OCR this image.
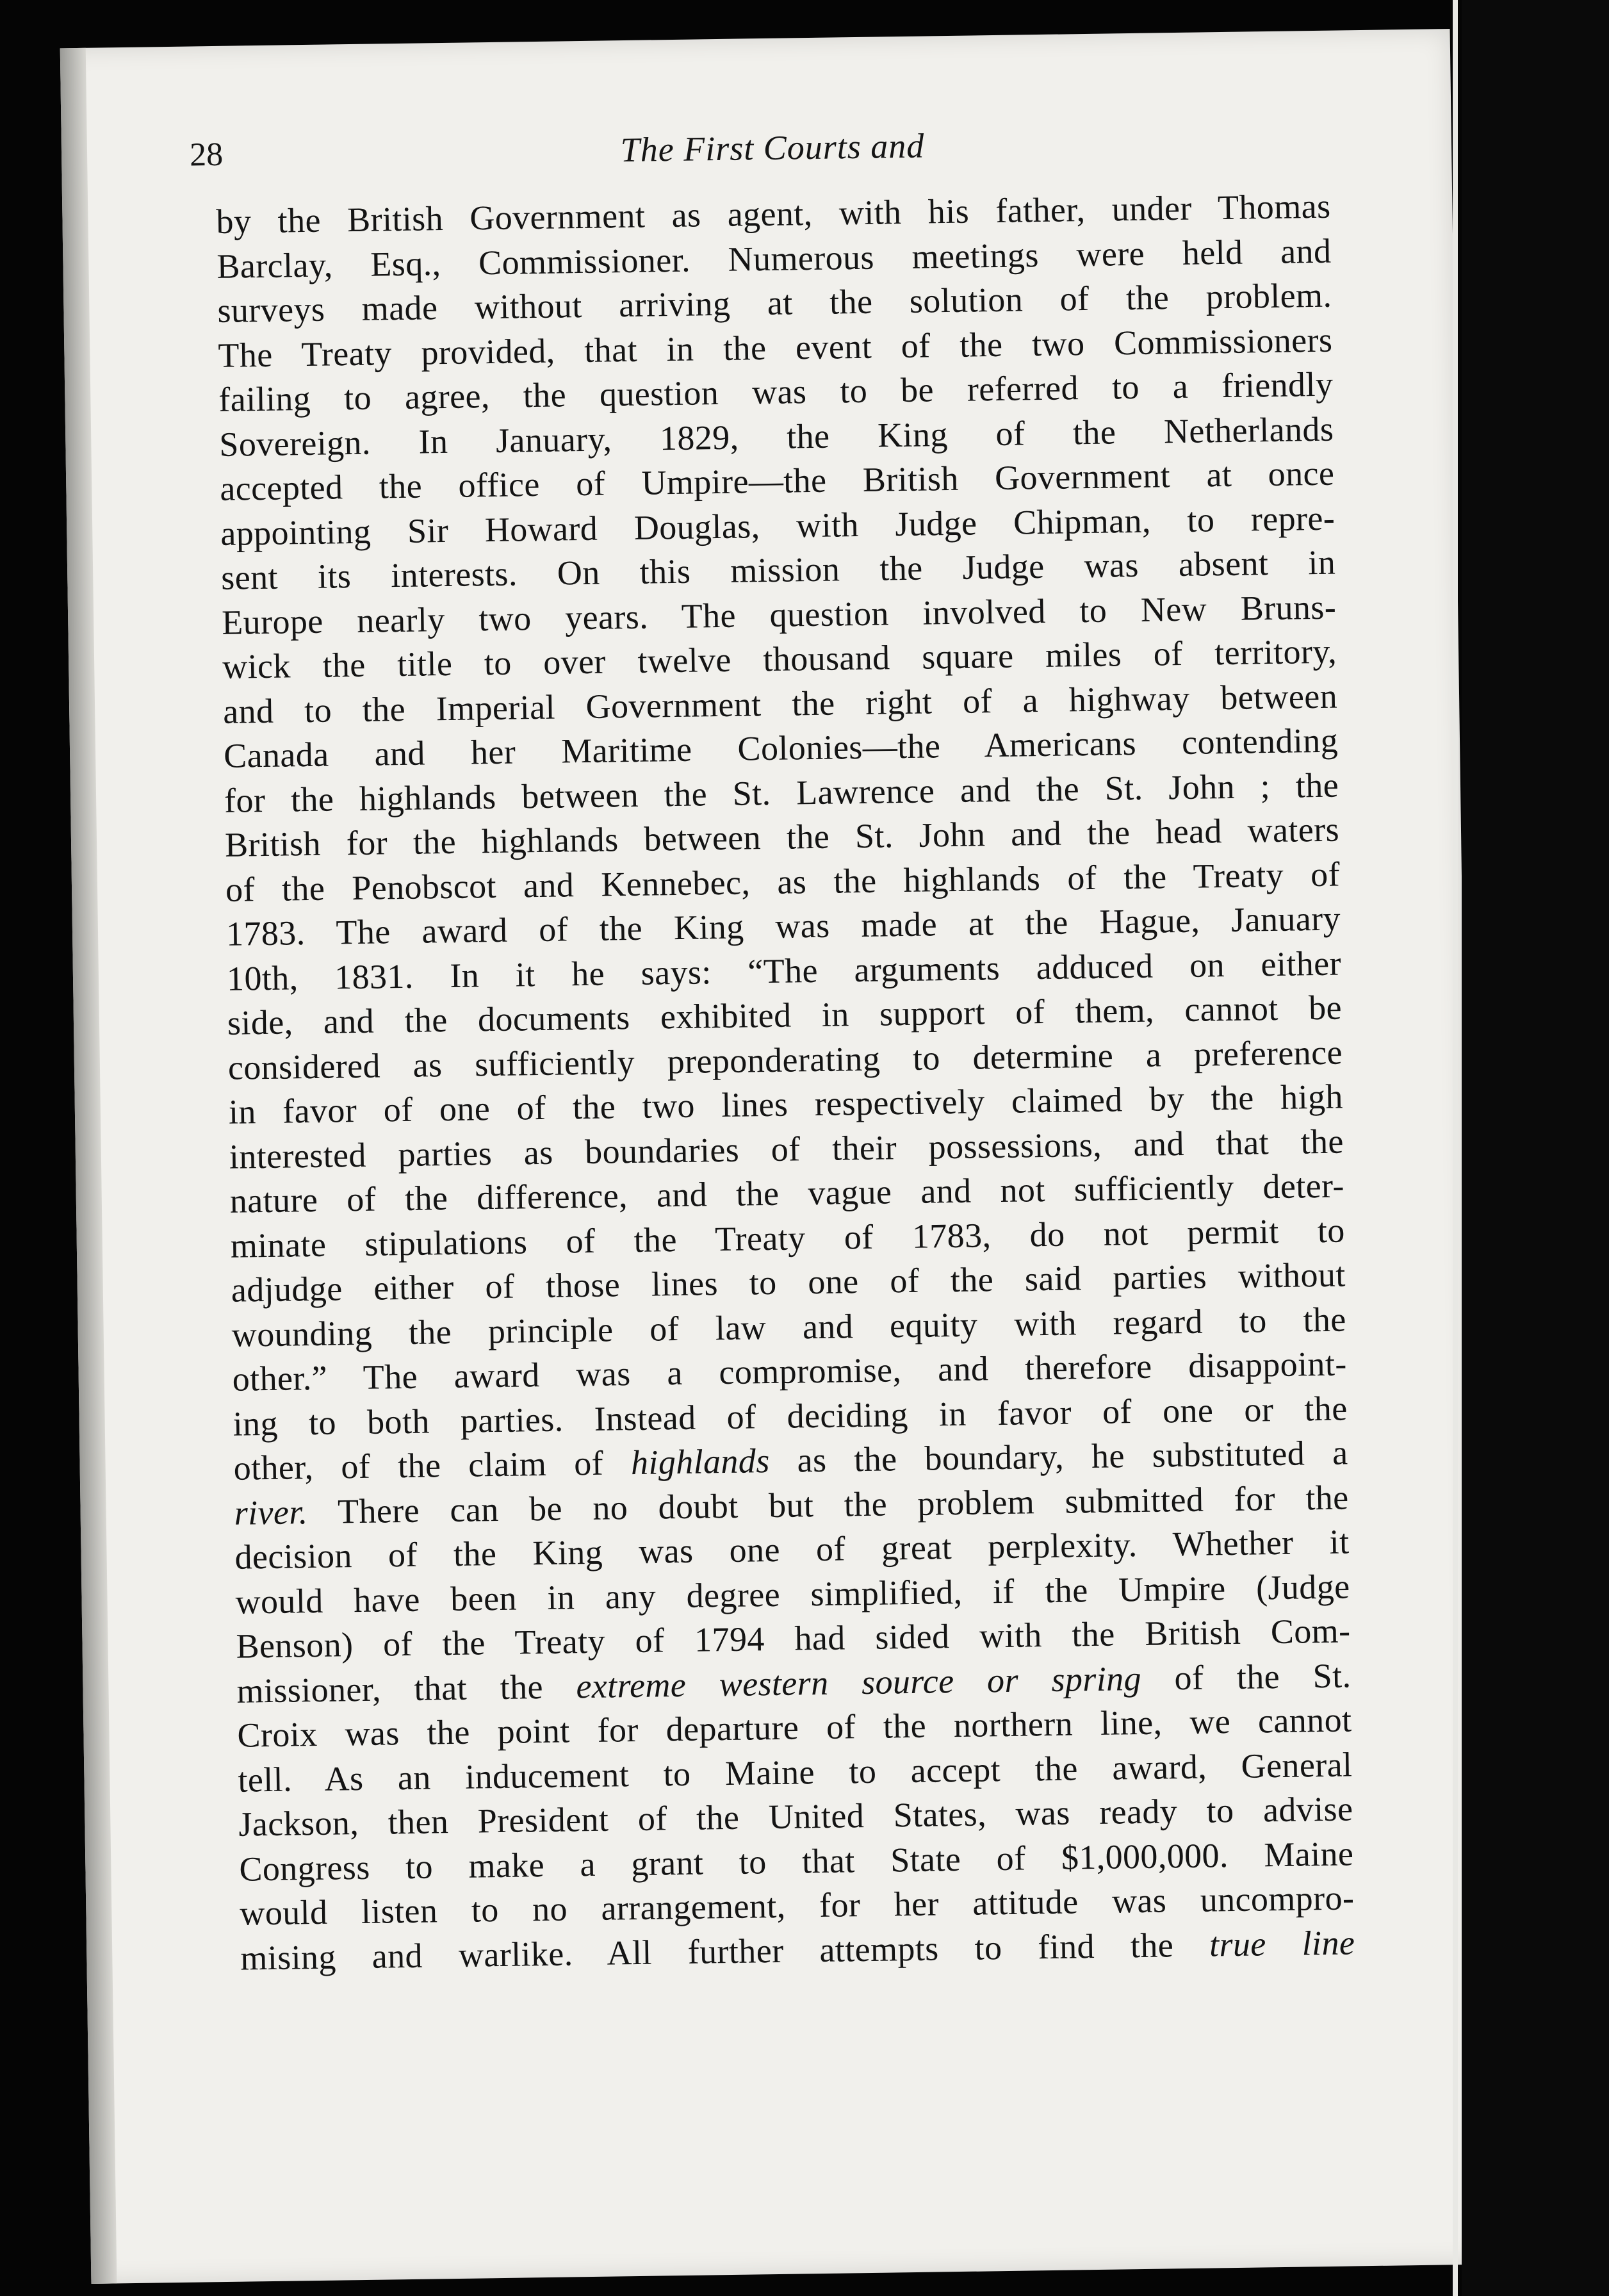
28	The First Courts and
by the British Government as agent, with his father, under Thomas
Barclay, Esq., Commissioner. Numerous meetings were held and
surveys made without arriving at the solution of the problem.
The Treaty provided, that in the event of the two Commissioners
failing to agree, the question was to be referred to a friendly
Sovereign. In January, 1829, the King of the Netherlands
accepted the office of Umpire—the British Government at once
appointing Sir Howard Douglas, with Judge Chipman, to repre-
sent its interests. On this mission the Judge was absent in
Europe nearly two years. The question involved to New Bruns-
wick the title to over twelve thousand square miles of territory,
and to the Imperial Government the right of a highway between
Canada and her Maritime Colonies—the Americans contending
for the highlands between the St. Lawrence and the St. John ; the
British for the highlands between the St. John and the head waters
of the Penobscot and Kennebec, as the highlands of the Treaty of
1783. The award of the King was made at the Hague, January
10th, 1831. In it he says: “The arguments adduced on either
side, and the documents exhibited in support of them, cannot be
considered as sufficiently preponderating to determine a preference
in favor of one of the two lines respectively claimed by the high
interested parties as boundaries of their possessions, and that the
nature of the difference, and the vague and not sufficiently deter-
minate stipulations of the Treaty of 1783, do not permit to
adjudge either of those lines to one of the said parties without
wounding the principle of law and equity with regard to the
other.” The award was a compromise, and therefore disappoint-
ing to both parties. Instead of deciding in favor of one or the
other, of the claim of highlands as the boundary, he substituted a
river. There can be no doubt but the problem submitted for the
decision of the King was one of great perplexity. Whether it
would have been in any degree simplified, if the Umpire (Judge
Benson) of the Treaty of 1794 had sided with the British Com-
missioner, that the extreme western source or spring of the St.
Croix was the point for departure of the northern line, we cannot
tell. As an inducement to Maine to accept the award, General
Jackson, then President of the United States, was ready to advise
Congress to make a grant to that State of $1,000,000. Maine
would listen to no arrangement, for her attitude was uncompro-
mising and warlike. All further attempts to find the true line
